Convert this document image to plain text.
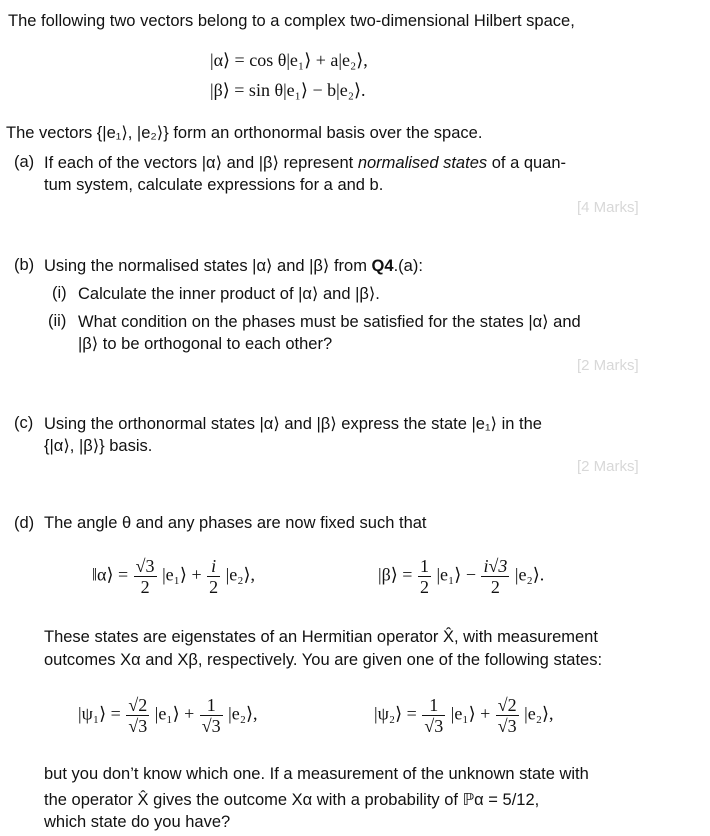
The following two vectors belong to a complex two-dimensional Hilbert space,
|α⟩ = cos θ|e₁⟩ + a|e₂⟩,
|β⟩ = sin θ|e₁⟩ − b|e₂⟩.
The vectors {|e₁⟩, |e₂⟩} form an orthonormal basis over the space.
(a) If each of the vectors |α⟩ and |β⟩ represent normalised states of a quan-
tum system, calculate expressions for a and b.
[4 Marks]
(b) Using the normalised states |α⟩ and |β⟩ from Q4.(a):
(i) Calculate the inner product of |α⟩ and |β⟩.
(ii) What condition on the phases must be satisfied for the states |α⟩ and
|β⟩ to be orthogonal to each other?
[2 Marks]
(c) Using the orthonormal states |α⟩ and |β⟩ express the state |e₁⟩ in the
{|α⟩, |β⟩} basis.
[2 Marks]
(d) The angle θ and any phases are now fixed such that
‖α⟩ = $\frac{√3}{2}$ |e₁⟩ + $\frac{i}{2}$ |e₂⟩,	|β⟩ = $\frac{1}{2}$ |e₁⟩ − $\frac{i√3}{2}$ |e₂⟩.
These states are eigenstates of an Hermitian operator X̂, with measurement
outcomes Xα and Xβ, respectively. You are given one of the following states:
|ψ₁⟩ = $\frac{√2}{√3}$ |e₁⟩ + $\frac{1}{√3}$ |e₂⟩,	|ψ₂⟩ = $\frac{1}{√3}$ |e₁⟩ + $\frac{√2}{√3}$ |e₂⟩,
but you don’t know which one. If a measurement of the unknown state with
the operator X̂ gives the outcome Xα with a probability of ℙα = 5/12,
which state do you have?
